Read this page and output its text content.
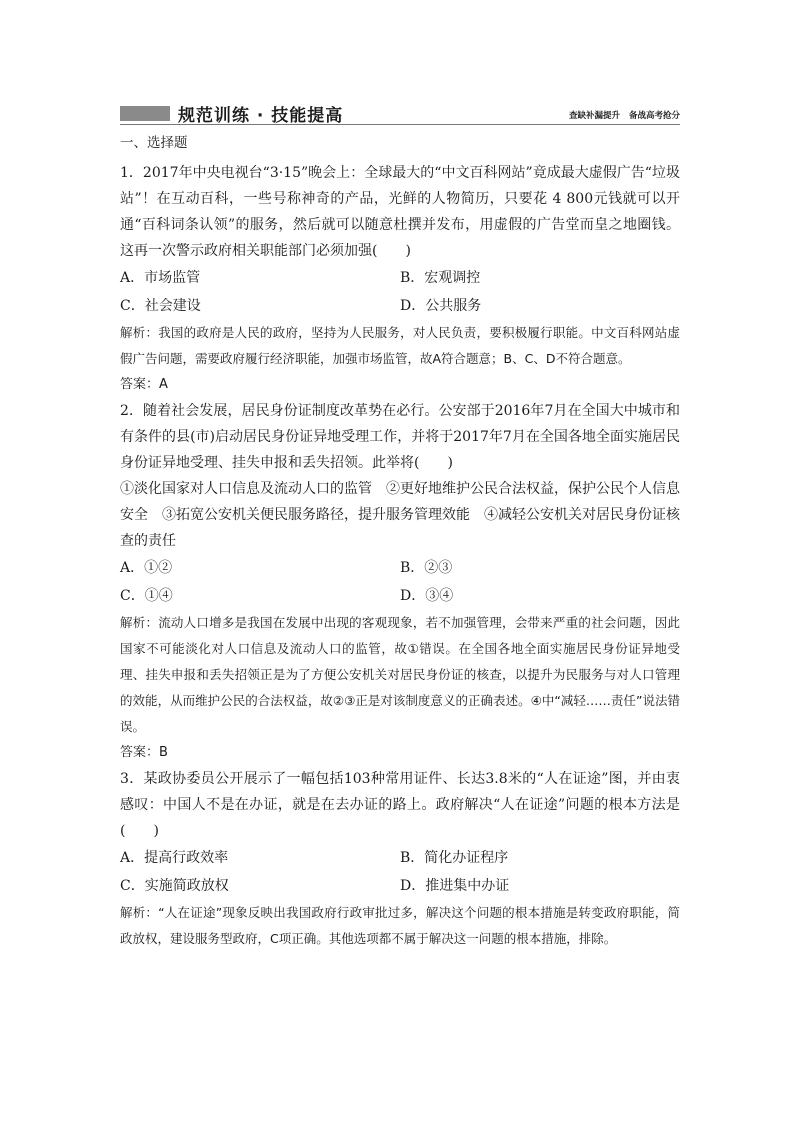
规范训练 · 技能提高	查缺补漏提升 备战高考抢分

一、选择题

1．2017年中央电视台“3·15”晚会上：全球最大的“中文百科网站”竟成最大虚假广告“垃圾站”！在互动百科，一些号称神奇的产品，光鲜的人物简历，只要花 4 800元钱就可以开通“百科词条认领”的服务，然后就可以随意杜撰并发布，用虚假的广告堂而皇之地圈钱。这再一次警示政府相关职能部门必须加强(　　)

A．市场监管	B．宏观调控
C．社会建设	D．公共服务

解析：我国的政府是人民的政府，坚持为人民服务，对人民负责，要积极履行职能。中文百科网站虚假广告问题，需要政府履行经济职能，加强市场监管，故A符合题意；B、C、D不符合题意。

答案：A

2．随着社会发展，居民身份证制度改革势在必行。公安部于2016年7月在全国大中城市和有条件的县(市)启动居民身份证异地受理工作，并将于2017年7月在全国各地全面实施居民身份证异地受理、挂失申报和丢失招领。此举将(　　)

①淡化国家对人口信息及流动人口的监管　②更好地维护公民合法权益，保护公民个人信息安全　③拓宽公安机关便民服务路径，提升服务管理效能　④减轻公安机关对居民身份证核查的责任

A．①②	B．②③
C．①④	D．③④

解析：流动人口增多是我国在发展中出现的客观现象，若不加强管理，会带来严重的社会问题，因此国家不可能淡化对人口信息及流动人口的监管，故①错误。在全国各地全面实施居民身份证异地受理、挂失申报和丢失招领正是为了方便公安机关对居民身份证的核查，以提升为民服务与对人口管理的效能，从而维护公民的合法权益，故②③正是对该制度意义的正确表述。④中“减轻……责任”说法错误。

答案：B

3．某政协委员公开展示了一幅包括103种常用证件、长达3.8米的“人在证途”图，并由衷感叹：中国人不是在办证，就是在去办证的路上。政府解决“人在证途”问题的根本方法是(　　)

A．提高行政效率	B．简化办证程序
C．实施简政放权	D．推进集中办证

解析：“人在证途”现象反映出我国政府行政审批过多，解决这个问题的根本措施是转变政府职能，简政放权，建设服务型政府，C项正确。其他选项都不属于解决这一问题的根本措施，排除。
